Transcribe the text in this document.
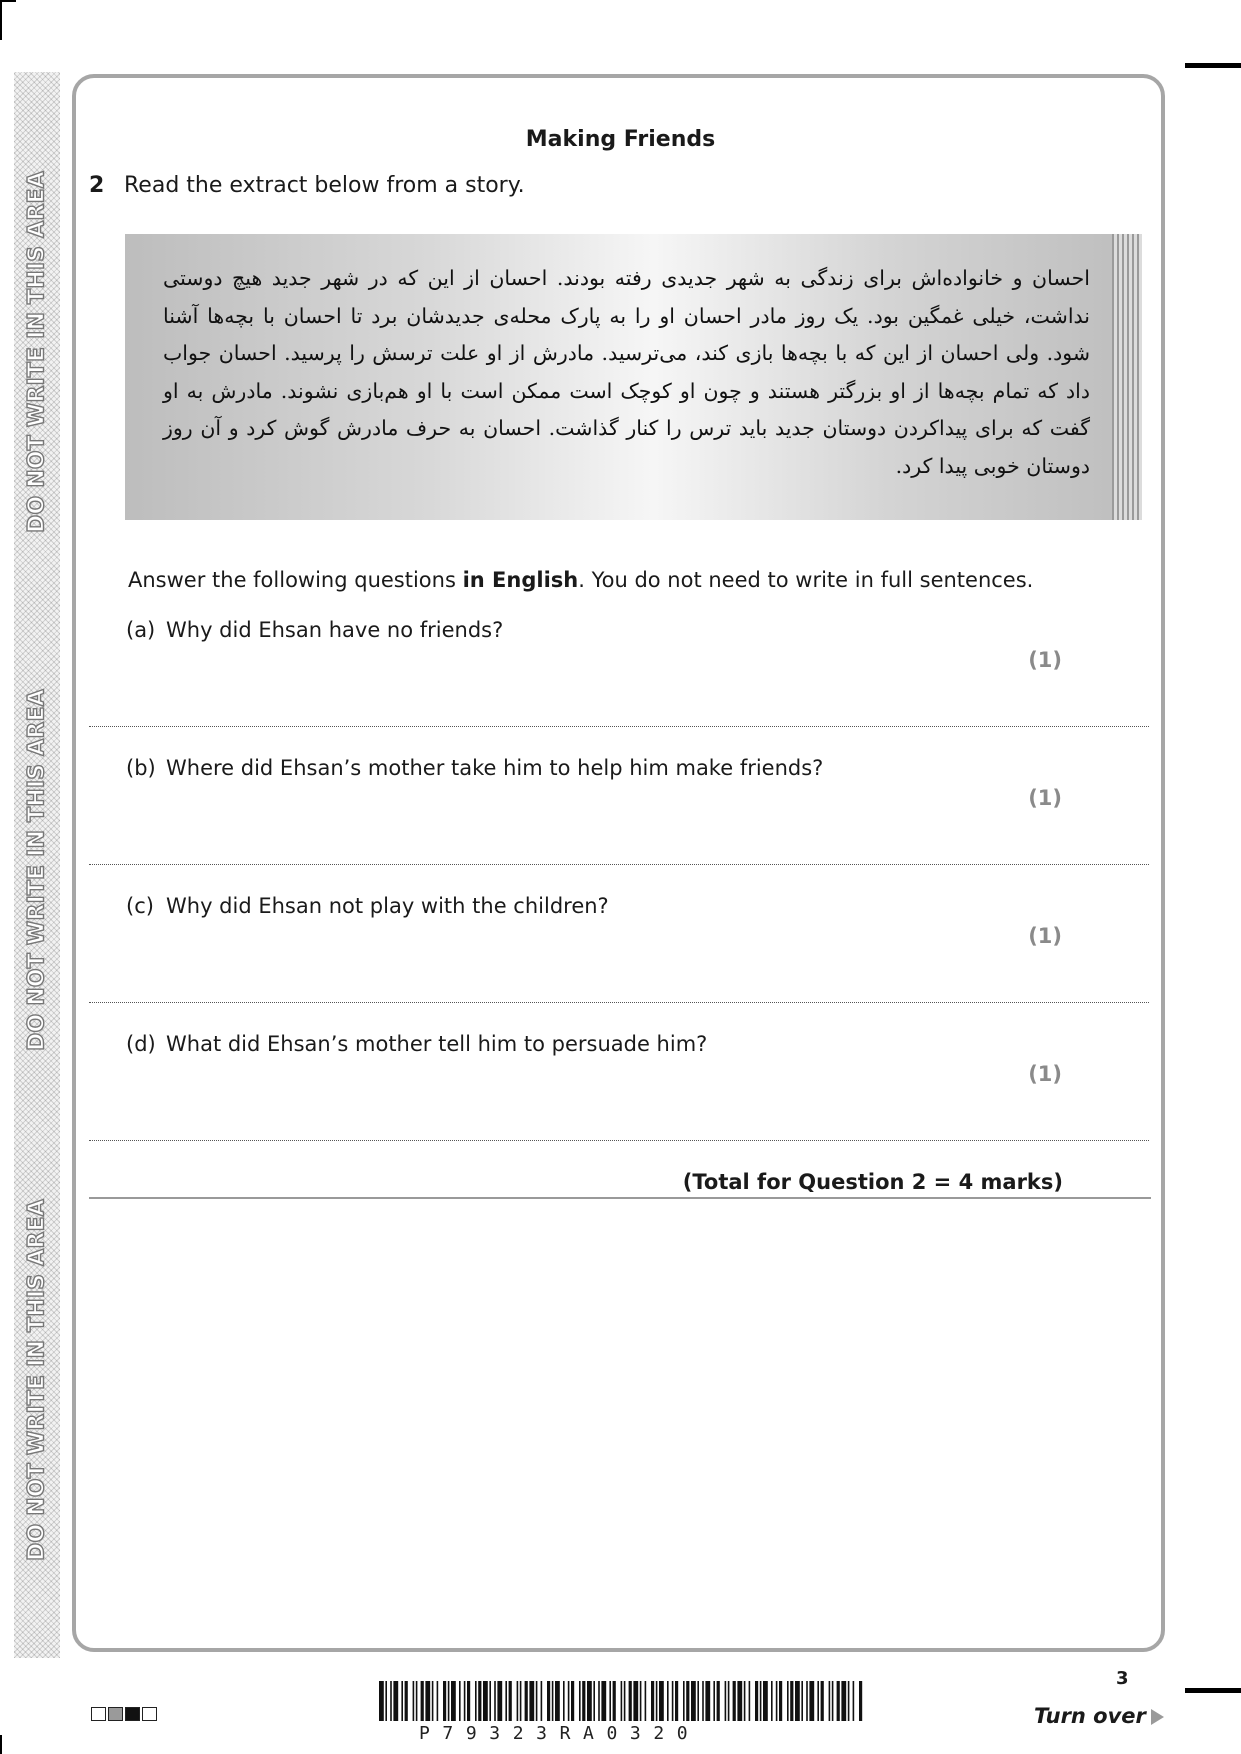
DO NOT WRITE IN THIS AREA
DO NOT WRITE IN THIS AREA
DO NOT WRITE IN THIS AREA
Making Friends
2 Read the extract below from a story.
احسان و خانواده‌اش برای زندگی به شهر جدیدی رفته بودند. احسان از این که در شهر جدید هیچ دوستی نداشت، خیلی غمگین بود. یک روز مادر احسان او را به پارک محله‌ی جدیدشان برد تا احسان با بچه‌ها آشنا شود. ولی احسان از این که با بچه‌ها بازی کند، می‌ترسید. مادرش از او علت ترسش را پرسید. احسان جواب داد که تمام بچه‌ها از او بزرگتر هستند و چون او کوچک است ممکن است با او هم‌بازی نشوند. مادرش به او گفت که برای پیداکردن دوستان جدید باید ترس را کنار گذاشت. احسان به حرف مادرش گوش کرد و آن روز دوستان خوبی پیدا کرد.
Answer the following questions in English. You do not need to write in full sentences.
(a) Why did Ehsan have no friends?
(1)
(b) Where did Ehsan’s mother take him to help him make friends?
(1)
(c) Why did Ehsan not play with the children?
(1)
(d) What did Ehsan’s mother tell him to persuade him?
(1)
(Total for Question 2 = 4 marks)
P79323RA0320
3
Turn over
